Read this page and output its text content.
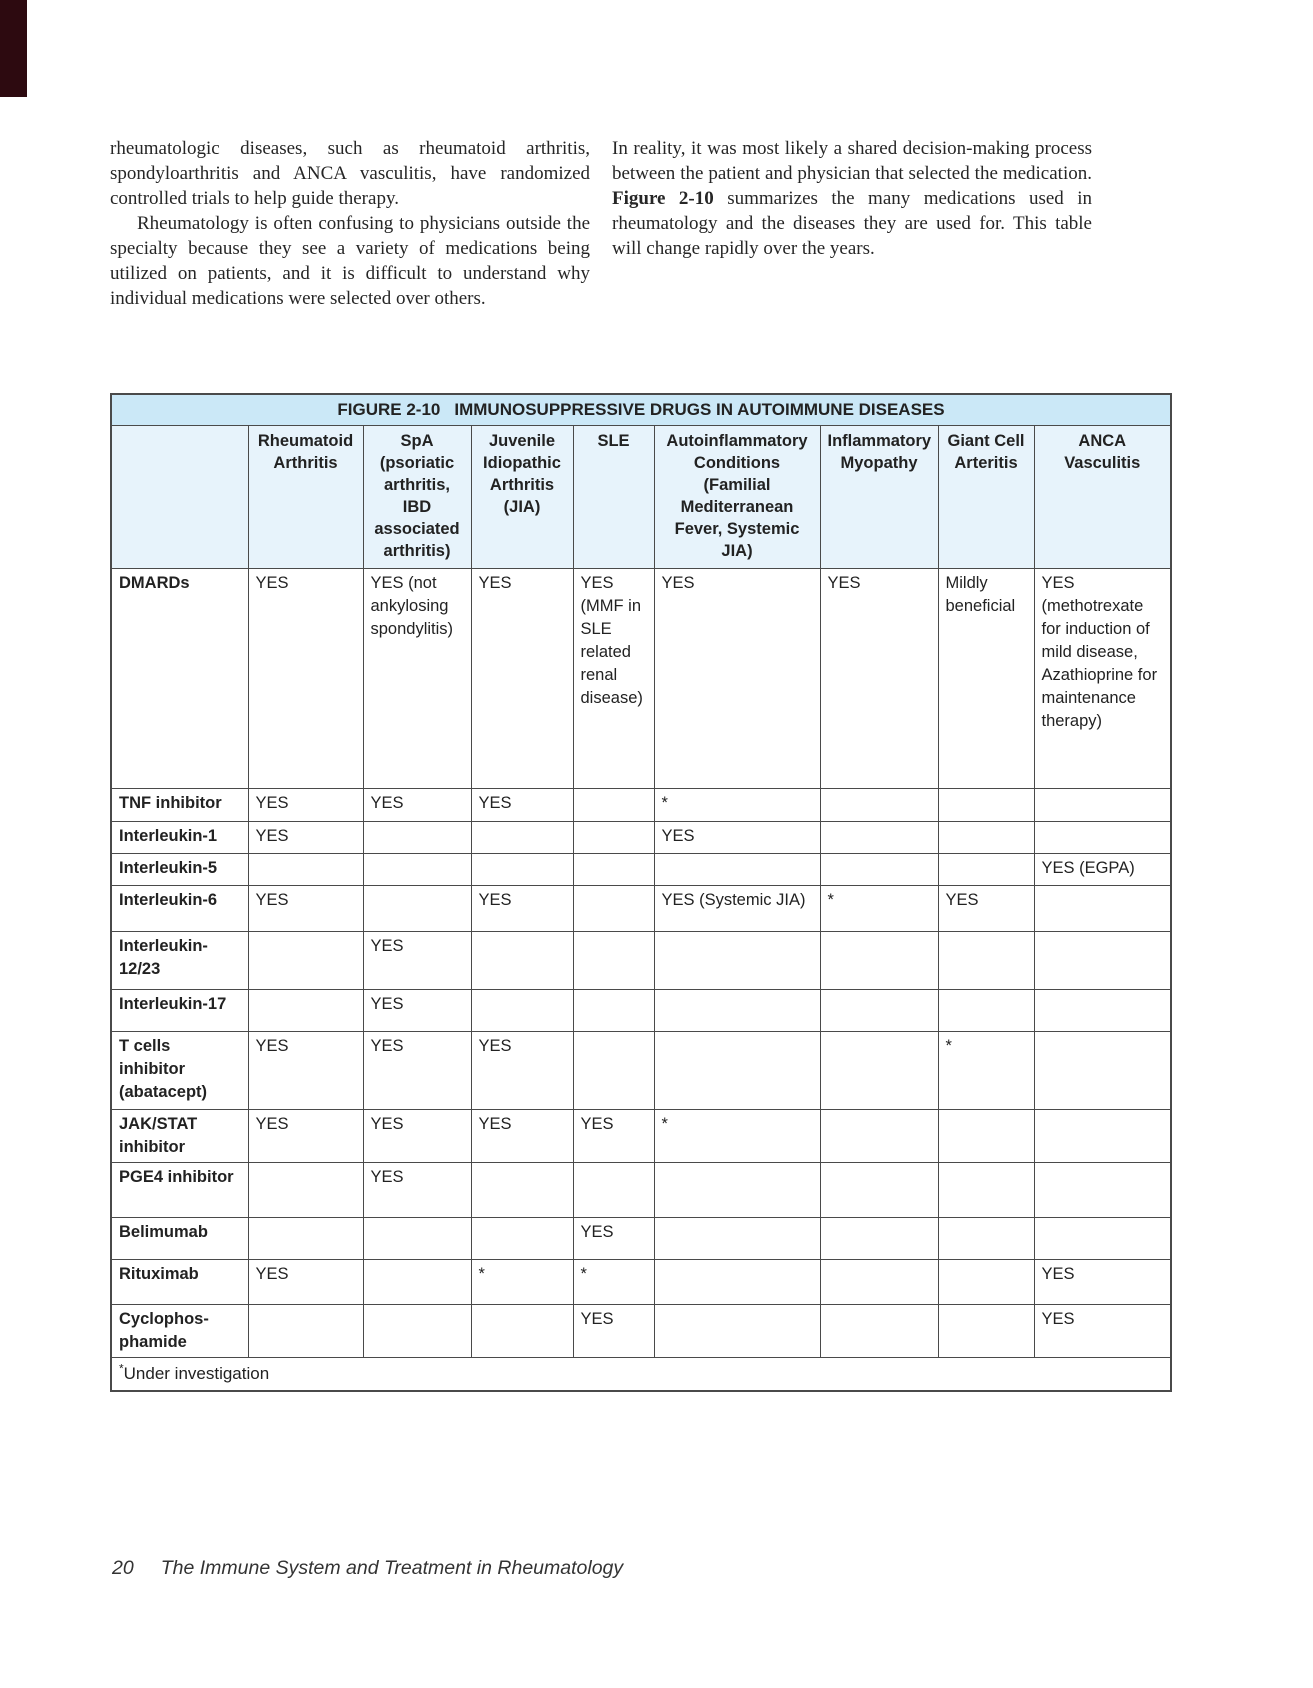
rheumatologic diseases, such as rheumatoid arthritis, spondyloarthritis and ANCA vasculitis, have randomized controlled trials to help guide therapy.

Rheumatology is often confusing to physicians outside the specialty because they see a variety of medications being utilized on patients, and it is difficult to understand why individual medications were selected over others.

In reality, it was most likely a shared decision-making process between the patient and physician that selected the medication. Figure 2-10 summarizes the many medications used in rheumatology and the diseases they are used for. This table will change rapidly over the years.

FIGURE 2-10 IMMUNOSUPPRESSIVE DRUGS IN AUTOIMMUNE DISEASES								
	Rheumatoid Arthritis	SpA (psoriatic arthritis, IBD associated arthritis)	Juvenile Idiopathic Arthritis (JIA)	SLE	Autoinflammatory Conditions (Familial Mediterranean Fever, Systemic JIA)	Inflammatory Myopathy	Giant Cell Arteritis	ANCA Vasculitis
DMARDs	YES	YES (not ankylosing spondylitis)	YES	YES (MMF in SLE related renal disease)	YES	YES	Mildly beneficial	YES (methotrexate for induction of mild disease, Azathioprine for maintenance therapy)
TNF inhibitor	YES	YES	YES		*			
Interleukin-1	YES				YES			
Interleukin-5								YES (EGPA)
Interleukin-6	YES		YES		YES (Systemic JIA)	*	YES	
Interleukin-12/23		YES						
Interleukin-17		YES						
T cells inhibitor (abatacept)	YES	YES	YES				*	
JAK/STAT inhibitor	YES	YES	YES	YES	*			
PGE4 inhibitor		YES						
Belimumab				YES				
Rituximab	YES		*	*				YES
Cyclophos-phamide				YES				YES
*Under investigation								
20 The Immune System and Treatment in Rheumatology
